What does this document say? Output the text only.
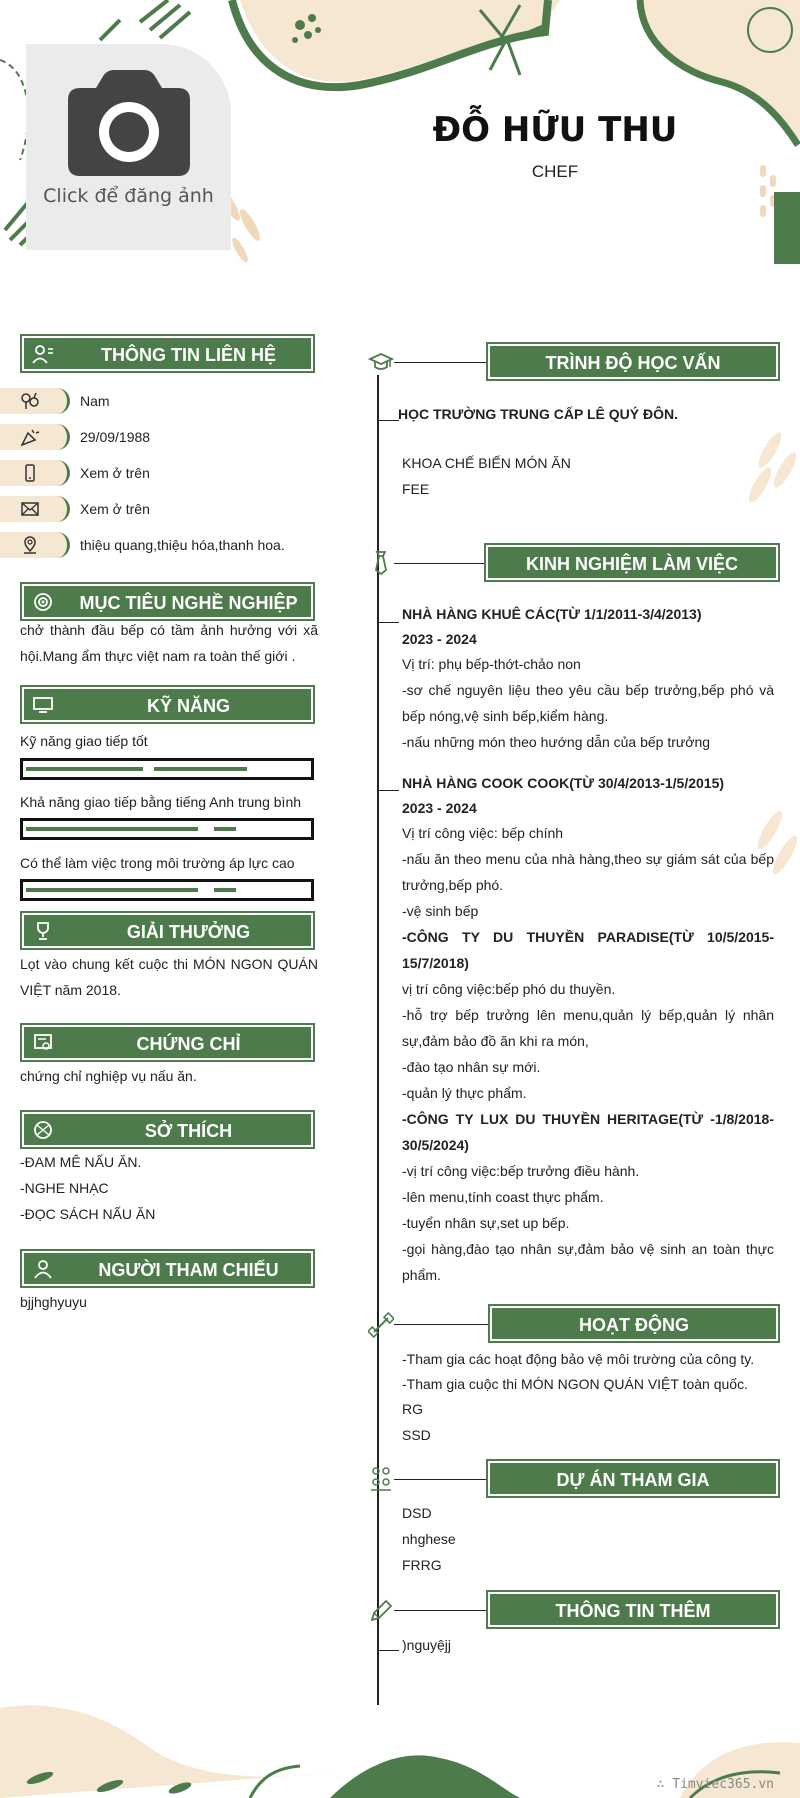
Click để đăng ảnh
ĐỖ HỮU THU
CHEF
THÔNG TIN LIÊN HỆ
Nam
29/09/1988
Xem ở trên
Xem ở trên
thiệu quang,thiệu hóa,thanh hoa.
MỤC TIÊU NGHỀ NGHIỆP
chở thành đầu bếp có tầm ảnh hưởng với xã hội.Mang ẩm thực việt nam ra toàn thế giới .
KỸ NĂNG
Kỹ năng giao tiếp tốt
Khả năng giao tiếp bằng tiếng Anh trung bình
Có thể làm việc trong môi trường áp lực cao
GIẢI THƯỞNG
Lọt vào chung kết cuộc thi MÓN NGON QUÁN VIỆT năm 2018.
CHỨNG CHỈ
chứng chỉ nghiệp vụ nấu ăn.
SỞ THÍCH
-ĐAM MÊ NẤU ĂN.
-NGHE NHẠC
-ĐỌC SÁCH NẤU ĂN
NGƯỜI THAM CHIẾU
bjjhghyuyu
TRÌNH ĐỘ HỌC VẤN
HỌC TRƯỜNG TRUNG CẤP LÊ QUÝ ĐÔN.
KHOA CHẾ BIẾN MÓN ĂN
FEE
KINH NGHIỆM LÀM VIỆC
NHÀ HÀNG KHUÊ CÁC(TỪ 1/1/2011-3/4/2013)
2023 - 2024
Vị trí: phụ bếp-thớt-chảo non
-sơ chế nguyên liệu theo yêu cầu bếp trưởng,bếp phó và bếp nóng,vệ sinh bếp,kiểm hàng.
-nấu những món theo hướng dẫn của bếp trưởng
NHÀ HÀNG COOK COOK(TỪ 30/4/2013-1/5/2015)
2023 - 2024
Vị trí công việc: bếp chính
-nấu ăn theo menu của nhà hàng,theo sự giám sát của bếp trưởng,bếp phó.
-vệ sinh bếp
-CÔNG TY DU THUYỀN PARADISE(TỪ 10/5/2015-15/7/2018)
vị trí công việc:bếp phó du thuyền.
-hỗ trợ bếp trưởng lên menu,quản lý bếp,quản lý nhân sự,đảm bảo đồ ăn khi ra món,
-đào tạo nhân sự mới.
-quản lý thực phẩm.
-CÔNG TY LUX DU THUYỀN HERITAGE(TỪ -1/8/2018-30/5/2024)
-vị trí công việc:bếp trưởng điều hành.
-lên menu,tính coast thực phẩm.
-tuyển nhân sự,set up bếp.
-gọi hàng,đào tạo nhân sự,đảm bảo vệ sinh an toàn thực phẩm.
HOẠT ĐỘNG
-Tham gia các hoạt động bảo vệ môi trường của công ty.
-Tham gia cuộc thi MÓN NGON QUÁN VIỆT toàn quốc.
RG
SSD
DỰ ÁN THAM GIA
DSD
nhghese
FRRG
THÔNG TIN THÊM
)nguyệjj
∴ Timviec365.vn
